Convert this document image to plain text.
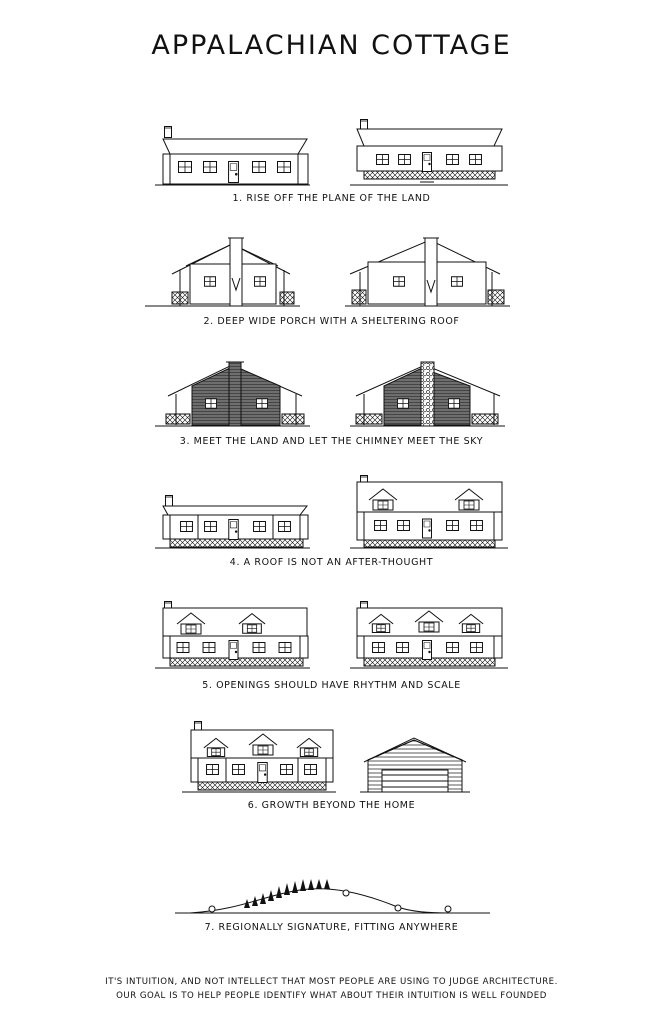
APPALACHIAN COTTAGE
1. RISE OFF THE PLANE OF THE LAND
2. DEEP WIDE PORCH WITH A SHELTERING ROOF
3. MEET THE LAND AND LET THE CHIMNEY MEET THE SKY
4. A ROOF IS NOT AN AFTER-THOUGHT
5. OPENINGS SHOULD HAVE RHYTHM AND SCALE
6. GROWTH BEYOND THE HOME
7. REGIONALLY SIGNATURE, FITTING ANYWHERE
IT'S INTUITION, AND NOT INTELLECT THAT MOST PEOPLE ARE USING TO JUDGE ARCHITECTURE.
OUR GOAL IS TO HELP PEOPLE IDENTIFY WHAT ABOUT THEIR INTUITION IS WELL FOUNDED
